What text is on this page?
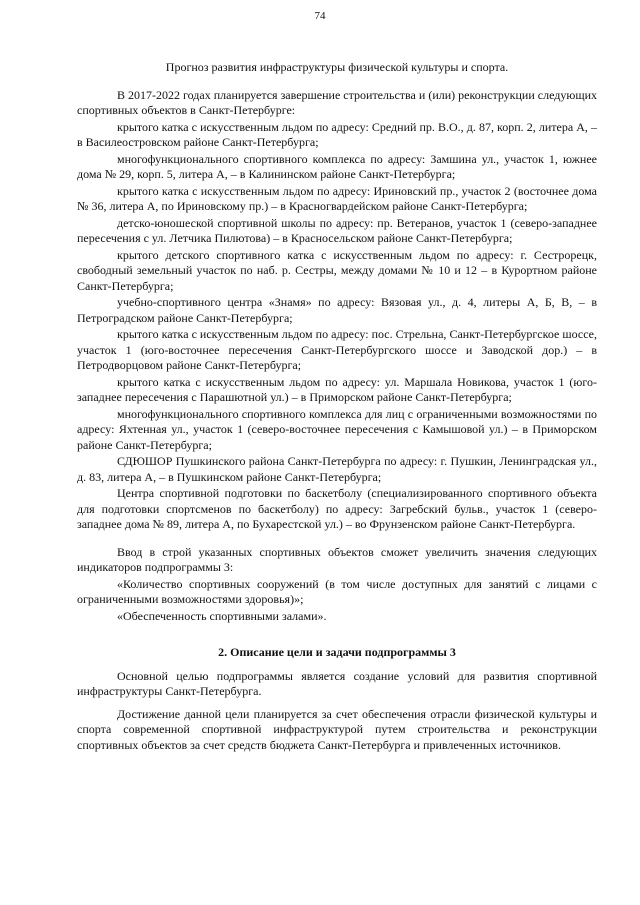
74
Прогноз развития инфраструктуры физической культуры и спорта.
В 2017-2022 годах планируется завершение строительства и (или) реконструкции следующих спортивных объектов в Санкт-Петербурге:
крытого катка с искусственным льдом по адресу: Средний пр. В.О., д. 87, корп. 2, литера А, – в Василеостровском районе Санкт-Петербурга;
многофункционального спортивного комплекса по адресу: Замшина ул., участок 1, южнее дома № 29, корп. 5, литера А, – в Калининском районе Санкт-Петербурга;
крытого катка с искусственным льдом по адресу: Ириновский пр., участок 2 (восточнее дома № 36, литера А, по Ириновскому пр.) – в Красногвардейском районе Санкт-Петербурга;
детско-юношеской спортивной школы по адресу: пр. Ветеранов, участок 1 (северо-западнее пересечения с ул. Летчика Пилютова) – в Красносельском районе Санкт-Петербурга;
крытого детского спортивного катка с искусственным льдом по адресу: г. Сестрорецк, свободный земельный участок по наб. р. Сестры, между домами № 10 и 12 – в Курортном районе Санкт-Петербурга;
учебно-спортивного центра «Знамя» по адресу: Вязовая ул., д. 4, литеры А, Б, В, – в Петроградском районе Санкт-Петербурга;
крытого катка с искусственным льдом по адресу: пос. Стрельна, Санкт-Петербургское шоссе, участок 1 (юго-восточнее пересечения Санкт-Петербургского шоссе и Заводской дор.) – в Петродворцовом районе Санкт-Петербурга;
крытого катка с искусственным льдом по адресу: ул. Маршала Новикова, участок 1 (юго-западнее пересечения с Парашютной ул.) – в Приморском районе Санкт-Петербурга;
многофункционального спортивного комплекса для лиц с ограниченными возможностями по адресу: Яхтенная ул., участок 1 (северо-восточнее пересечения с Камышовой ул.) – в Приморском районе Санкт-Петербурга;
СДЮШОР Пушкинского района Санкт-Петербурга по адресу: г. Пушкин, Ленинградская ул., д. 83, литера А, – в Пушкинском районе Санкт-Петербурга;
Центра спортивной подготовки по баскетболу (специализированного спортивного объекта для подготовки спортсменов по баскетболу) по адресу: Загребский бульв., участок 1 (северо-западнее дома № 89, литера А, по Бухарестской ул.) – во Фрунзенском районе Санкт-Петербурга.
Ввод в строй указанных спортивных объектов сможет увеличить значения следующих индикаторов подпрограммы 3:
«Количество спортивных сооружений (в том числе доступных для занятий с лицами с ограниченными возможностями здоровья)»;
«Обеспеченность спортивными залами».
2. Описание цели и задачи подпрограммы 3
Основной целью подпрограммы является создание условий для развития спортивной инфраструктуры Санкт-Петербурга.
Достижение данной цели планируется за счет обеспечения отрасли физической культуры и спорта современной спортивной инфраструктурой путем строительства и реконструкции спортивных объектов за счет средств бюджета Санкт-Петербурга и привлеченных источников.
